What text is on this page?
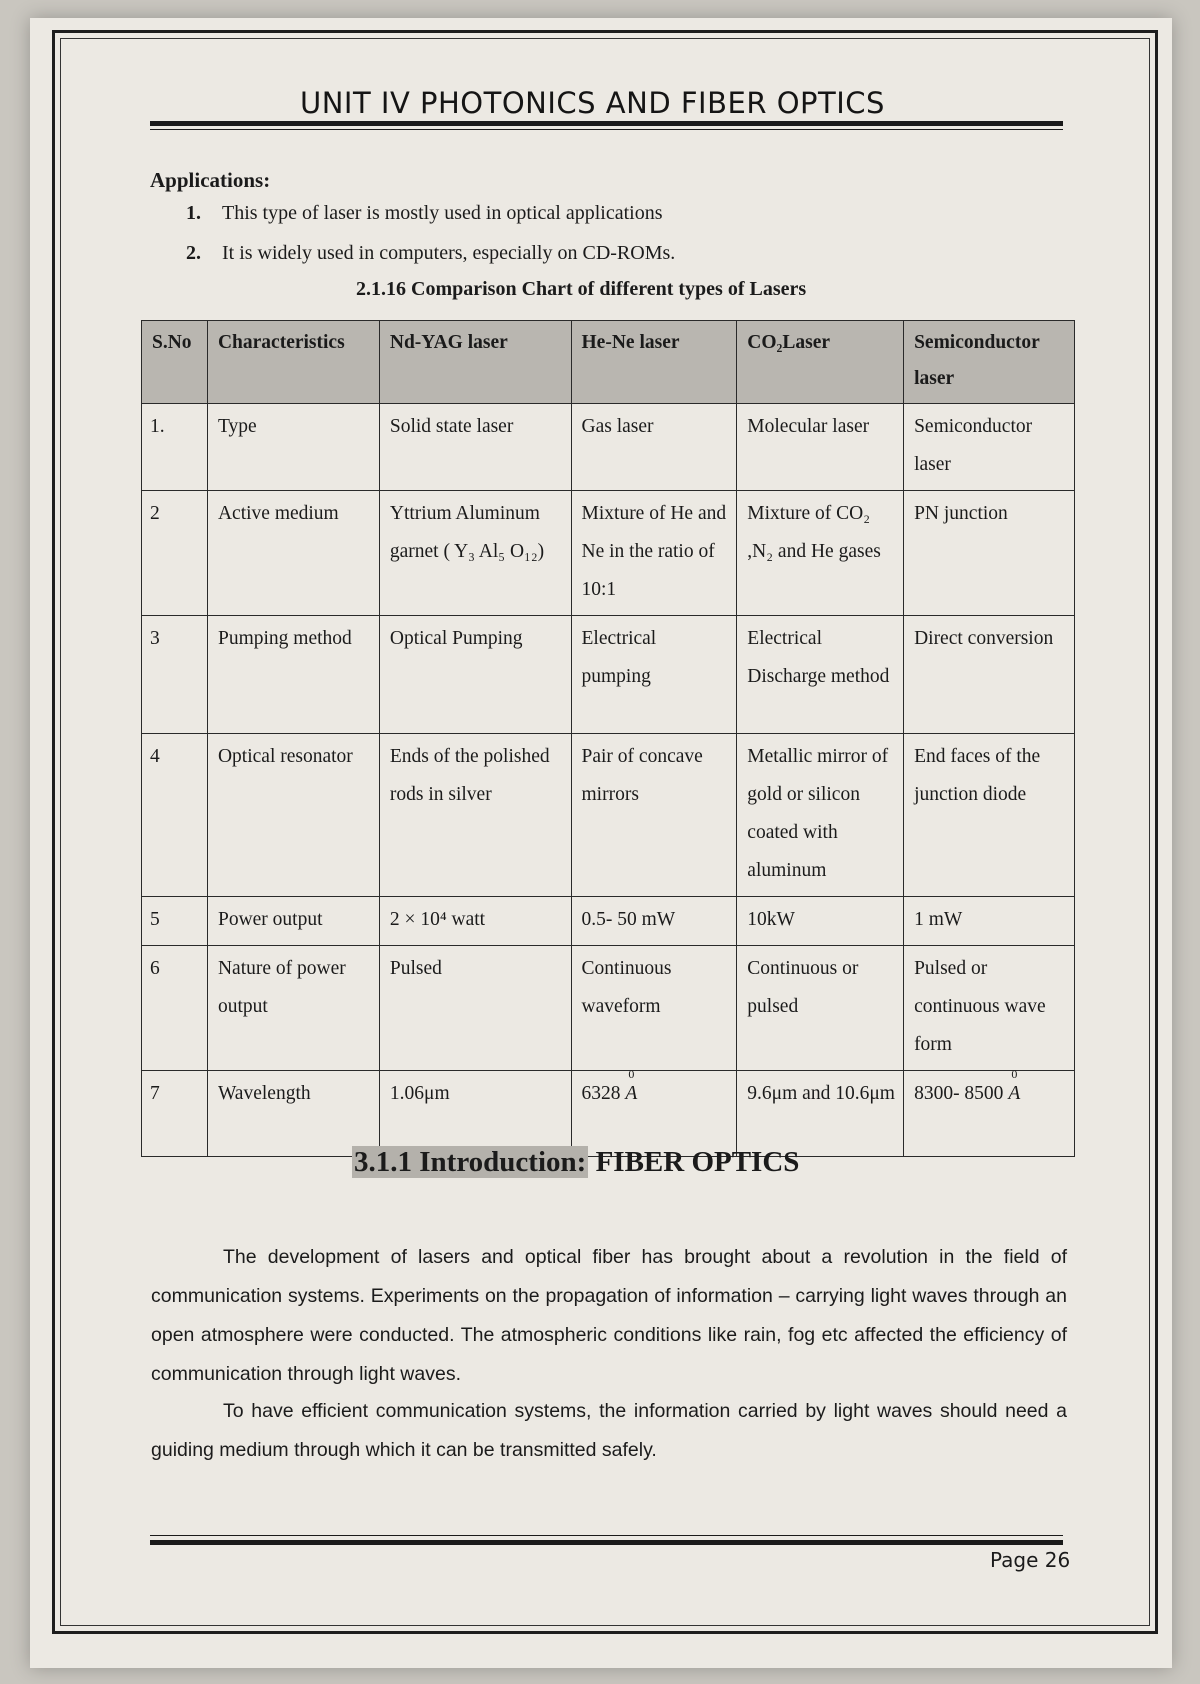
UNIT IV PHOTONICS AND FIBER OPTICS
Applications:
1.	This type of laser is mostly used in optical applications
2.	It is widely used in computers, especially on CD-ROMs.
2.1.16 Comparison Chart of different types of Lasers
S.No	Characteristics	Nd-YAG laser	He-Ne laser	CO₂Laser	Semiconductor laser
1.	Type	Solid state laser	Gas laser	Molecular laser	Semiconductor laser
2	Active medium	Yttrium Aluminum garnet ( Y₃ Al₅ O₁₂)	Mixture of He and Ne in the ratio of 10:1	Mixture of CO₂ ,N₂ and He gases	PN junction
3	Pumping method	Optical Pumping	Electrical pumping	Electrical Discharge method	Direct conversion
4	Optical resonator	Ends of the polished rods in silver	Pair of concave mirrors	Metallic mirror of gold or silicon coated with aluminum	End faces of the junction diode
5	Power output	2 × 10⁴ watt	0.5- 50 mW	10kW	1 mW
6	Nature of power output	Pulsed	Continuous waveform	Continuous or pulsed	Pulsed or continuous wave form
7	Wavelength	1.06μm	6328 0 A	9.6μm and 10.6μm	8300- 8500 0 A
3.1.1 Introduction: FIBER OPTICS

The development of lasers and optical fiber has brought about a revolution in the field of communication systems. Experiments on the propagation of information – carrying light waves through an open atmosphere were conducted. The atmospheric conditions like rain, fog etc affected the efficiency of communication through light waves.

To have efficient communication systems, the information carried by light waves should need a guiding medium through which it can be transmitted safely.

Page 26
